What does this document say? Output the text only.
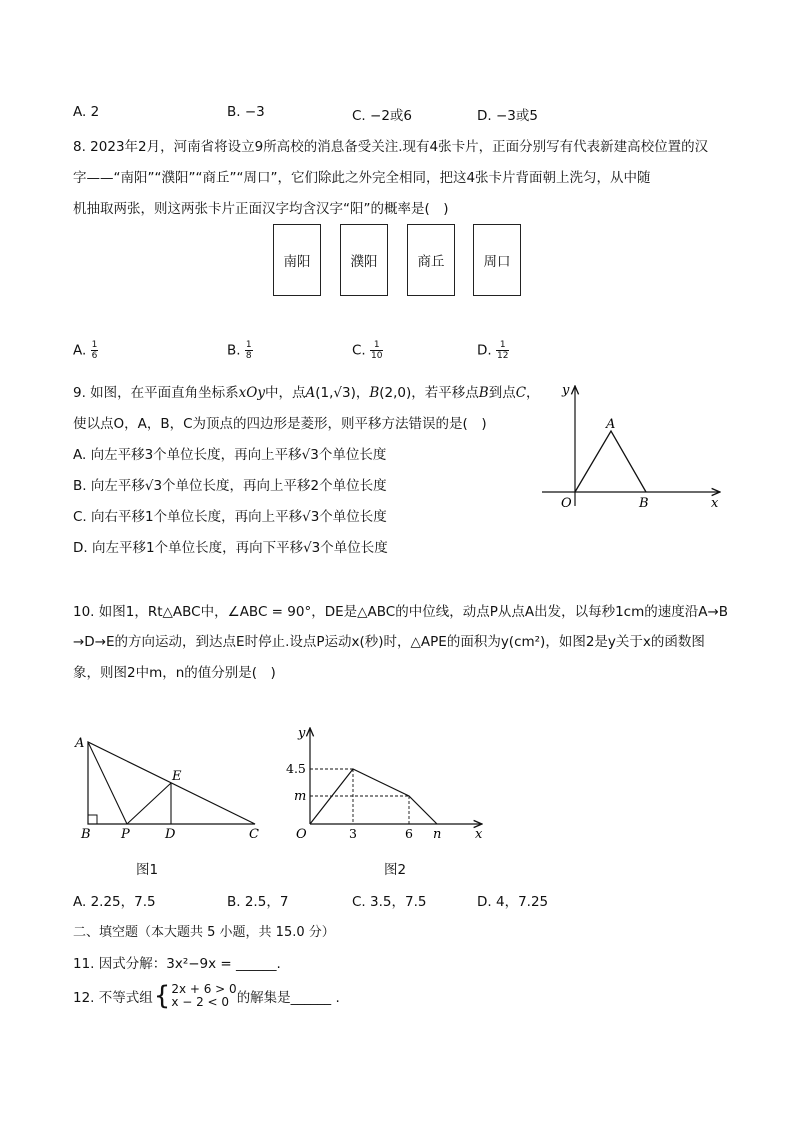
A. 2	B. −3	C. −2或6	D. −3或5
8. 2023年2月，河南省将设立9所高校的消息备受关注.现有4张卡片，正面分别写有代表新建高校位置的汉
字——“南阳”“濮阳”“商丘”“周口”，它们除此之外完全相同，把这4张卡片背面朝上洗匀，从中随
机抽取两张，则这两张卡片正面汉字均含汉字“阳”的概率是(　)
南阳	濮阳	商丘	周口
A. $\frac{1}{6}$	B. $\frac{1}{8}$	C. $\frac{1}{10}$	D. $\frac{1}{12}$
9. 如图，在平面直角坐标系xOy中，点A(1,√3)，B(2,0)，若平移点B到点C，
使以点O，A，B，C为顶点的四边形是菱形，则平移方法错误的是(　)
A. 向左平移3个单位长度，再向上平移√3个单位长度
B. 向左平移√3个单位长度，再向上平移2个单位长度
C. 向右平移1个单位长度，再向上平移√3个单位长度
D. 向左平移1个单位长度，再向下平移√3个单位长度
y
x
O
A
B
10. 如图1，Rt△ABC中，∠ABC = 90°，DE是△ABC的中位线，动点P从点A出发，以每秒1cm的速度沿A→B
→D→E的方向运动，到达点E时停止.设点P运动x(秒)时，△APE的面积为y(cm²)，如图2是y关于x的函数图
象，则图2中m，n的值分别是(　)
A
B P	D	C
E
图1
y
x
O
4.5
m
3	6 n
图2
A. 2.25，7.5	B. 2.5，7	C. 3.5，7.5	D. 4，7.25
二、填空题（本大题共 5 小题，共 15.0 分）
11. 因式分解：3x²−9x = ______.
12. 不等式组 { 2x + 6 > 0
x − 2 < 0 的解集是______ .
